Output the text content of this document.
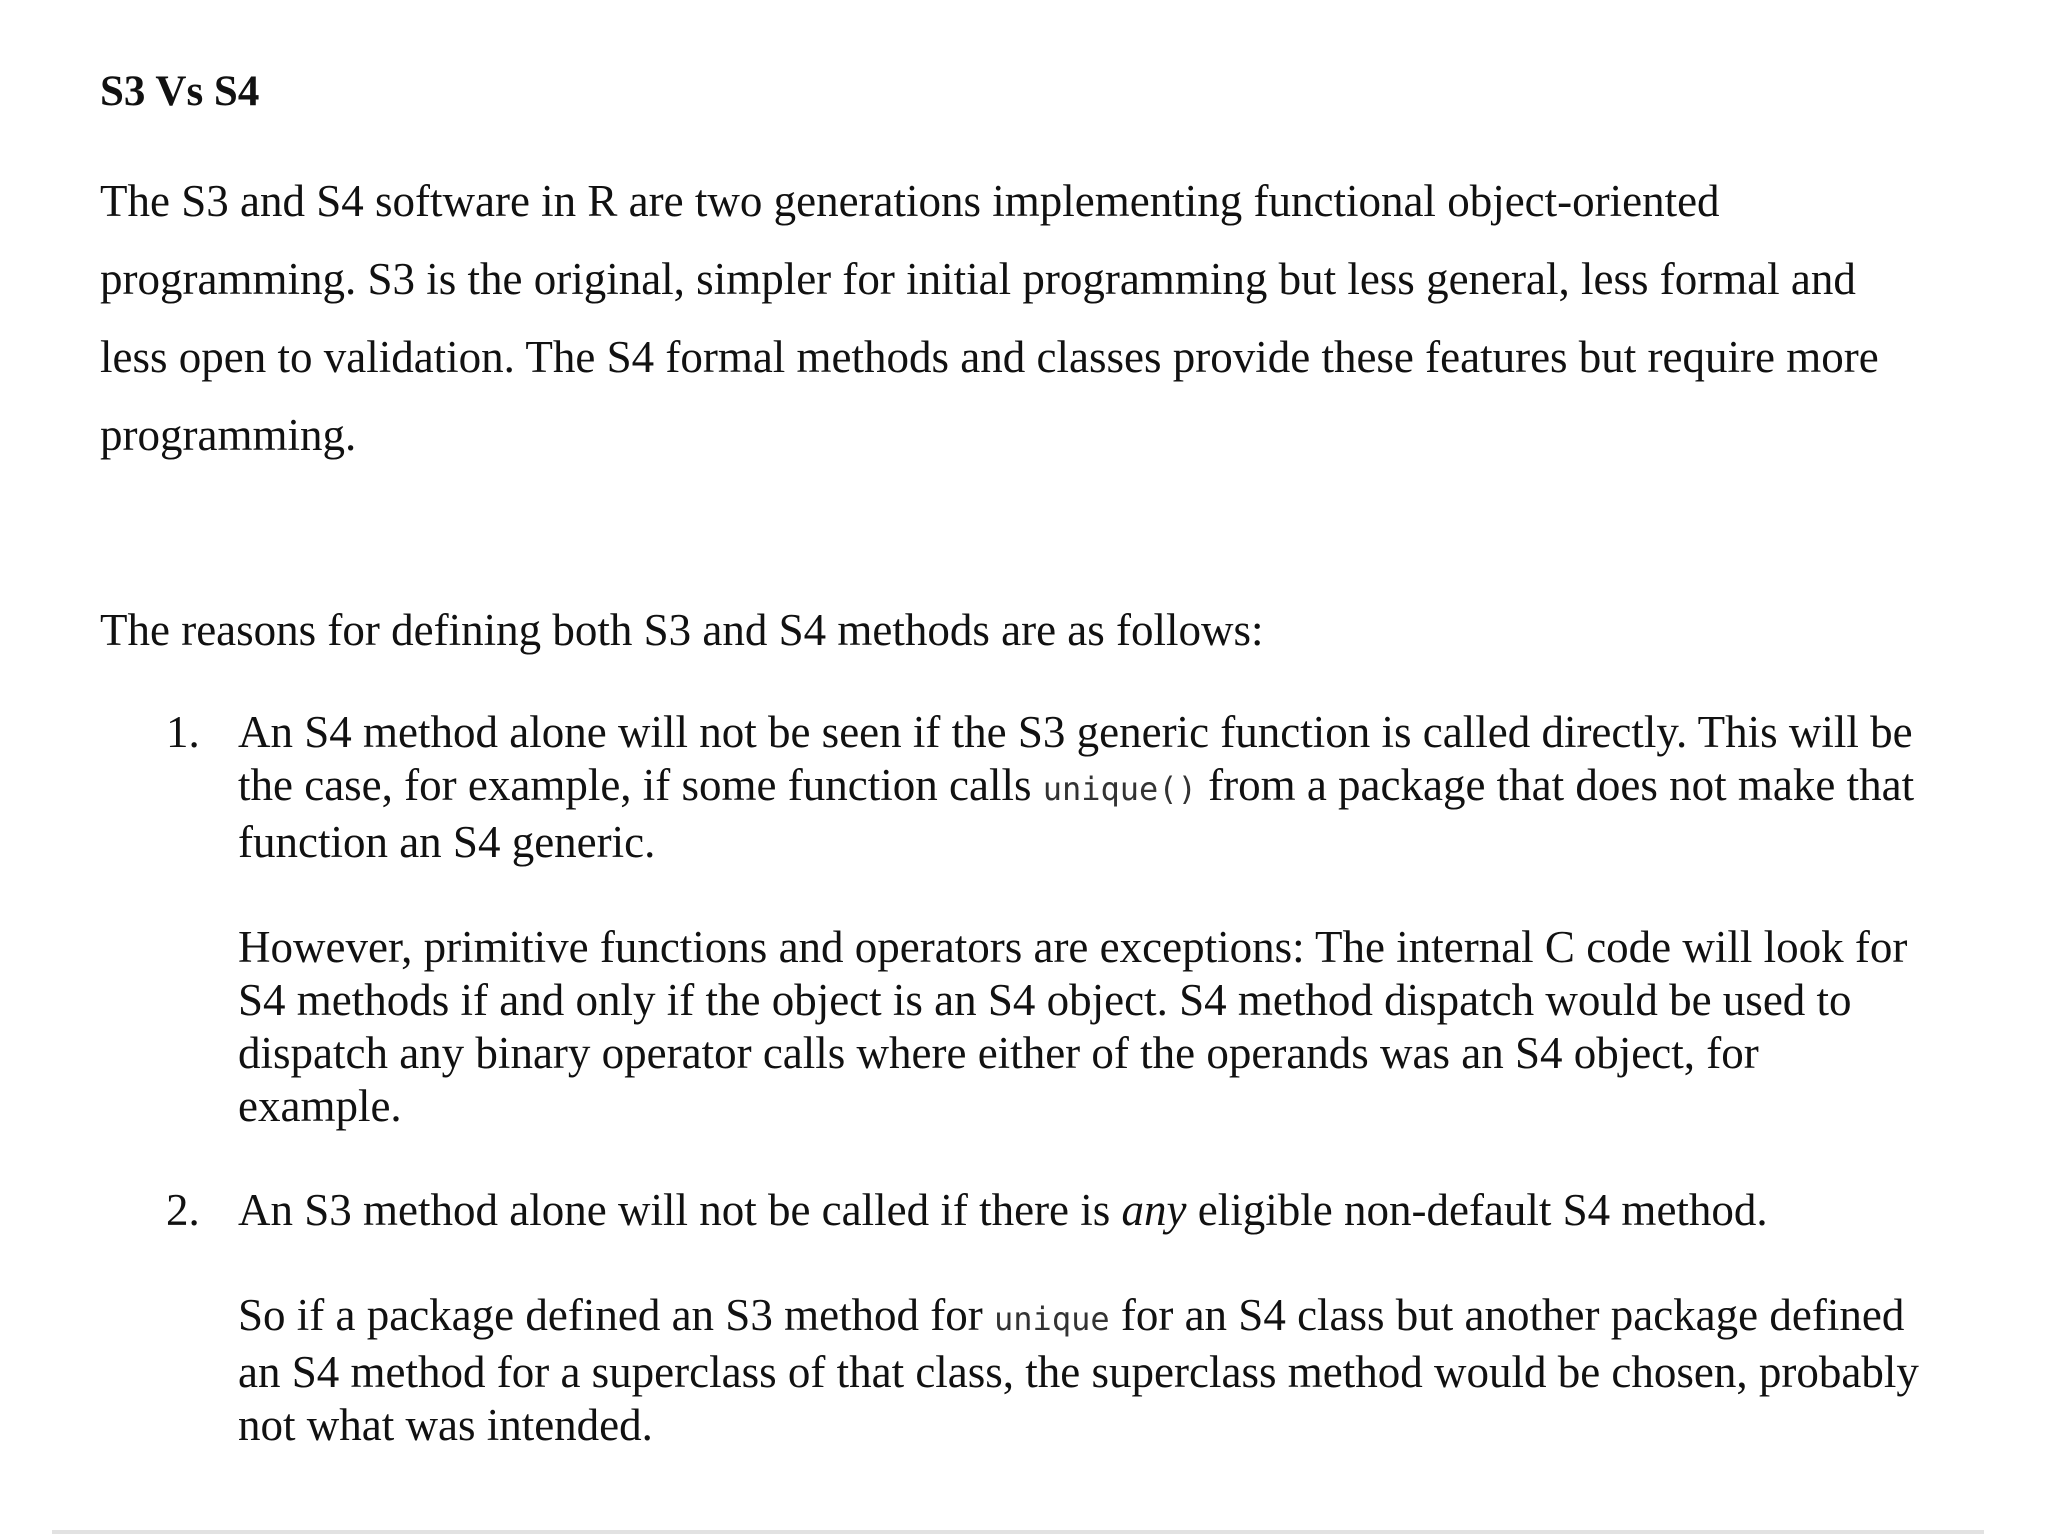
S3 Vs S4

The S3 and S4 software in R are two generations implementing functional object-oriented programming. S3 is the original, simpler for initial programming but less general, less formal and less open to validation. The S4 formal methods and classes provide these features but require more programming.

The reasons for defining both S3 and S4 methods are as follows:

1. An S4 method alone will not be seen if the S3 generic function is called directly. This will be the case, for example, if some function calls unique() from a package that does not make that function an S4 generic.

However, primitive functions and operators are exceptions: The internal C code will look for S4 methods if and only if the object is an S4 object. S4 method dispatch would be used to dispatch any binary operator calls where either of the operands was an S4 object, for example.

2. An S3 method alone will not be called if there is any eligible non-default S4 method.

So if a package defined an S3 method for unique for an S4 class but another package defined an S4 method for a superclass of that class, the superclass method would be chosen, probably not what was intended.
